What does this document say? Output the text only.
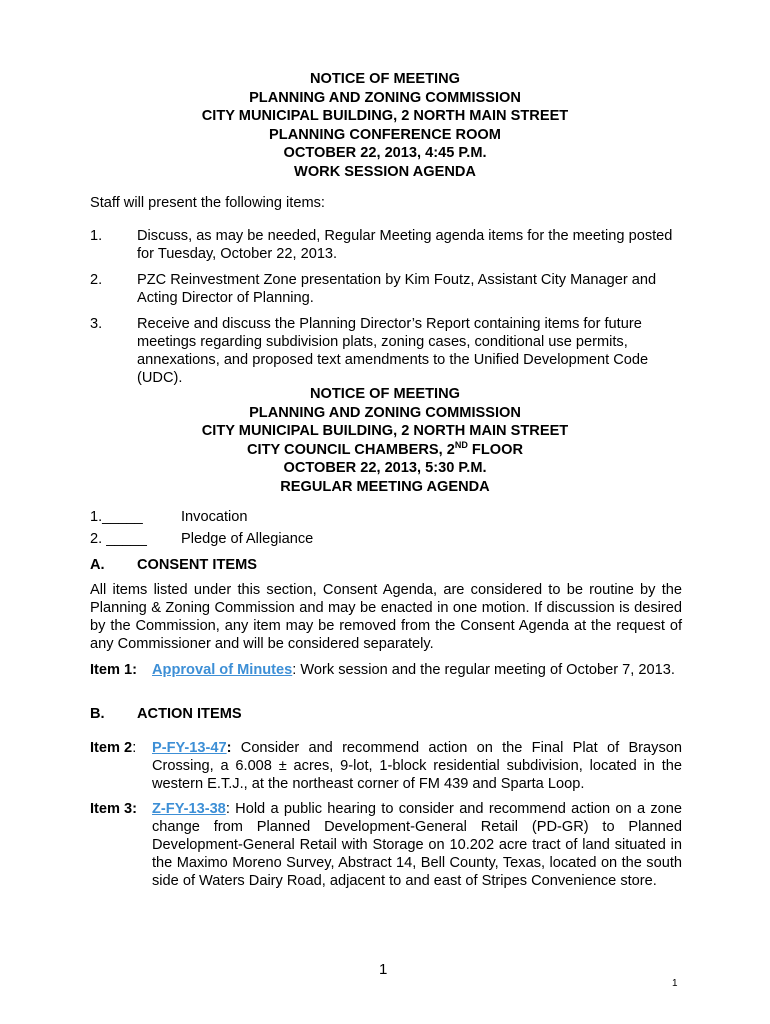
NOTICE OF MEETING
PLANNING AND ZONING COMMISSION
CITY MUNICIPAL BUILDING, 2 NORTH MAIN STREET
PLANNING CONFERENCE ROOM
OCTOBER 22, 2013, 4:45 P.M.
WORK SESSION AGENDA
Staff will present the following items:
1. Discuss, as may be needed, Regular Meeting agenda items for the meeting posted for Tuesday, October 22, 2013.
2. PZC Reinvestment Zone presentation by Kim Foutz, Assistant City Manager and Acting Director of Planning.
3. Receive and discuss the Planning Director’s Report containing items for future meetings regarding subdivision plats, zoning cases, conditional use permits, annexations, and proposed text amendments to the Unified Development Code (UDC).
NOTICE OF MEETING
PLANNING AND ZONING COMMISSION
CITY MUNICIPAL BUILDING, 2 NORTH MAIN STREET
CITY COUNCIL CHAMBERS, 2ND FLOOR
OCTOBER 22, 2013, 5:30 P.M.
REGULAR MEETING AGENDA
1._____	Invocation
2. _____ Pledge of Allegiance
A. CONSENT ITEMS
All items listed under this section, Consent Agenda, are considered to be routine by the Planning & Zoning Commission and may be enacted in one motion. If discussion is desired by the Commission, any item may be removed from the Consent Agenda at the request of any Commissioner and will be considered separately.
Item 1: Approval of Minutes: Work session and the regular meeting of October 7, 2013.
B. ACTION ITEMS
Item 2: P-FY-13-47: Consider and recommend action on the Final Plat of Brayson Crossing, a 6.008 ± acres, 9-lot, 1-block residential subdivision, located in the western E.T.J., at the northeast corner of FM 439 and Sparta Loop.
Item 3: Z-FY-13-38: Hold a public hearing to consider and recommend action on a zone change from Planned Development-General Retail (PD-GR) to Planned Development-General Retail with Storage on 10.202 acre tract of land situated in the Maximo Moreno Survey, Abstract 14, Bell County, Texas, located on the south side of Waters Dairy Road, adjacent to and east of Stripes Convenience store.
1
1
